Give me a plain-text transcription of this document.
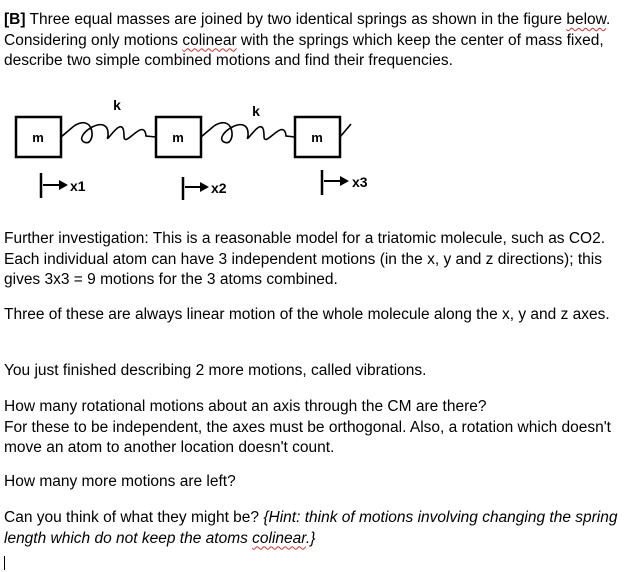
[B] Three equal masses are joined by two identical springs as shown in the figure below. Considering only motions colinear with the springs which keep the center of mass fixed, describe two simple combined motions and find their frequencies.

m	m	m
k	k
x1	x2	x3

Further investigation: This is a reasonable model for a triatomic molecule, such as CO2. Each individual atom can have 3 independent motions (in the x, y and z directions); this gives 3x3 = 9 motions for the 3 atoms combined.

Three of these are always linear motion of the whole molecule along the x, y and z axes.

You just finished describing 2 more motions, called vibrations.

How many rotational motions about an axis through the CM are there?
For these to be independent, the axes must be orthogonal. Also, a rotation which doesn't move an atom to another location doesn't count.

How many more motions are left?

Can you think of what they might be? {Hint: think of motions involving changing the spring length which do not keep the atoms colinear.}
